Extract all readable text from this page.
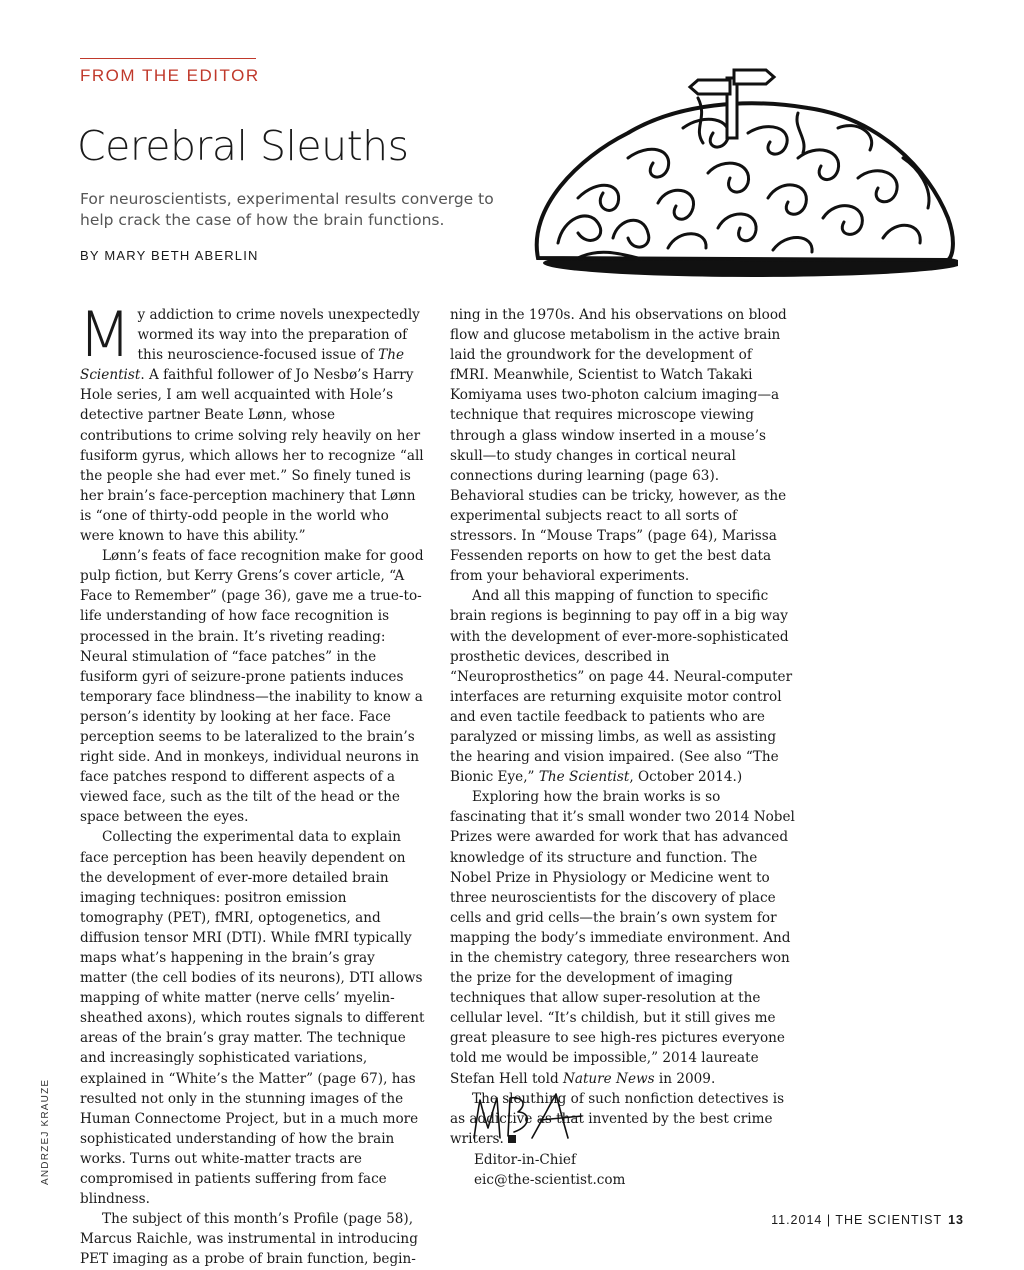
FROM THE EDITOR
Cerebral Sleuths
For neuroscientists, experimental results converge to help crack the case of how the brain functions.
BY MARY BETH ABERLIN

My addiction to crime novels unexpectedly wormed its way into the preparation of this neuroscience-focused issue of The Scientist. A faithful follower of Jo Nesbø’s Harry Hole series, I am well acquainted with Hole’s detective partner Beate Lønn, whose contributions to crime solving rely heavily on her fusiform gyrus, which allows her to recognize “all the people she had ever met.” So finely tuned is her brain’s face-perception machinery that Lønn is “one of thirty-odd people in the world who were known to have this ability.”

Lønn’s feats of face recognition make for good pulp fiction, but Kerry Grens’s cover article, “A Face to Remember” (page 36), gave me a true-to-life understanding of how face recognition is processed in the brain. It’s riveting reading: Neural stimulation of “face patches” in the fusiform gyri of seizure-prone patients induces temporary face blindness—the inability to know a person’s identity by looking at her face. Face perception seems to be lateralized to the brain’s right side. And in monkeys, individual neurons in face patches respond to different aspects of a viewed face, such as the tilt of the head or the space between the eyes.

Collecting the experimental data to explain face perception has been heavily dependent on the development of ever-more detailed brain imaging techniques: positron emission tomography (PET), fMRI, optogenetics, and diffusion tensor MRI (DTI). While fMRI typically maps what’s happening in the brain’s gray matter (the cell bodies of its neurons), DTI allows mapping of white matter (nerve cells’ myelin-sheathed axons), which routes signals to different areas of the brain’s gray matter. The technique and increasingly sophisticated variations, explained in “White’s the Matter” (page 67), has resulted not only in the stunning images of the Human Connectome Project, but in a much more sophisticated understanding of how the brain works. Turns out white-matter tracts are compromised in patients suffering from face blindness.

The subject of this month’s Profile (page 58), Marcus Raichle, was instrumental in introducing PET imaging as a probe of brain function, begin-

ning in the 1970s. And his observations on blood flow and glucose metabolism in the active brain laid the groundwork for the development of fMRI. Meanwhile, Scientist to Watch Takaki Komiyama uses two-photon calcium imaging—a technique that requires microscope viewing through a glass window inserted in a mouse’s skull—to study changes in cortical neural connections during learning (page 63). Behavioral studies can be tricky, however, as the experimental subjects react to all sorts of stressors. In “Mouse Traps” (page 64), Marissa Fessenden reports on how to get the best data from your behavioral experiments.

And all this mapping of function to specific brain regions is beginning to pay off in a big way with the development of ever-more-sophisticated prosthetic devices, described in “Neuroprosthetics” on page 44. Neural-computer interfaces are returning exquisite motor control and even tactile feedback to patients who are paralyzed or missing limbs, as well as assisting the hearing and vision impaired. (See also “The Bionic Eye,” The Scientist, October 2014.)

Exploring how the brain works is so fascinating that it’s small wonder two 2014 Nobel Prizes were awarded for work that has advanced knowledge of its structure and function. The Nobel Prize in Physiology or Medicine went to three neuroscientists for the discovery of place cells and grid cells—the brain’s own system for mapping the body’s immediate environment. And in the chemistry category, three researchers won the prize for the development of imaging techniques that allow super-resolution at the cellular level. “It’s childish, but it still gives me great pleasure to see high-res pictures everyone told me would be impossible,” 2014 laureate Stefan Hell told Nature News in 2009.

The sleuthing of such nonfiction detectives is as addictive as that invented by the best crime writers.

Editor-in-Chief
eic@the-scientist.com
ANDRZEJ KRAUZE
11.2014 | THE SCIENTIST 13
